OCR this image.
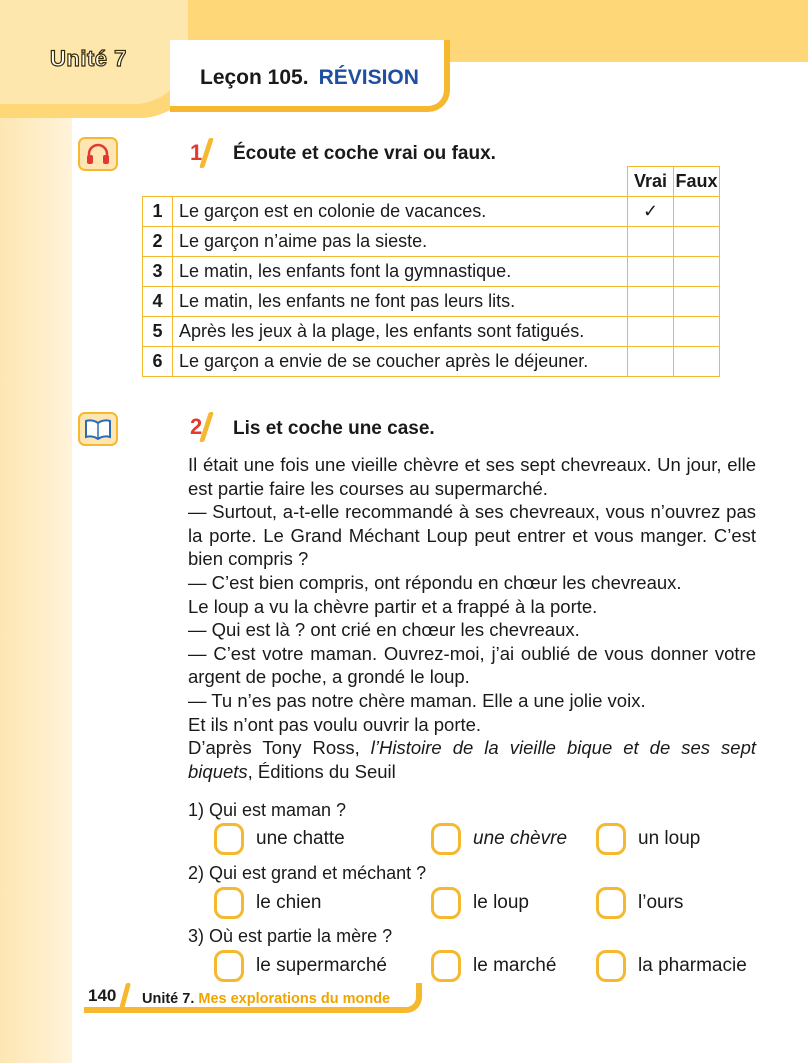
Unité 7
Leçon 105. RÉVISION
1 Écoute et coche vrai ou faux.
		Vrai	Faux
1	Le garçon est en colonie de vacances.	✓	
2	Le garçon n’aime pas la sieste.		
3	Le matin, les enfants font la gymnastique.		
4	Le matin, les enfants ne font pas leurs lits.		
5	Après les jeux à la plage, les enfants sont fatigués.		
6	Le garçon a envie de se coucher après le déjeuner.		
2 Lis et coche une case.

Il était une fois une vieille chèvre et ses sept chevreaux. Un jour, elle est partie faire les courses au supermarché.

— Surtout, a-t-elle recommandé à ses chevreaux, vous n’ouvrez pas la porte. Le Grand Méchant Loup peut entrer et vous manger. C’est bien compris ?

— C’est bien compris, ont répondu en chœur les chevreaux.

Le loup a vu la chèvre partir et a frappé à la porte.

— Qui est là ? ont crié en chœur les chevreaux.

— C’est votre maman. Ouvrez-moi, j’ai oublié de vous donner votre argent de poche, a grondé le loup.

— Tu n’es pas notre chère maman. Elle a une jolie voix.

Et ils n’ont pas voulu ouvrir la porte.

D’après Tony Ross, l’Histoire de la vieille bique et de ses sept biquets, Éditions du Seuil

1) Qui est maman ?
une chatte	une chèvre	un loup
2) Qui est grand et méchant ?
le chien	le loup	l’ours
3) Où est partie la mère ?
le supermarché	le marché	la pharmacie
140 Unité 7. Mes explorations du monde
